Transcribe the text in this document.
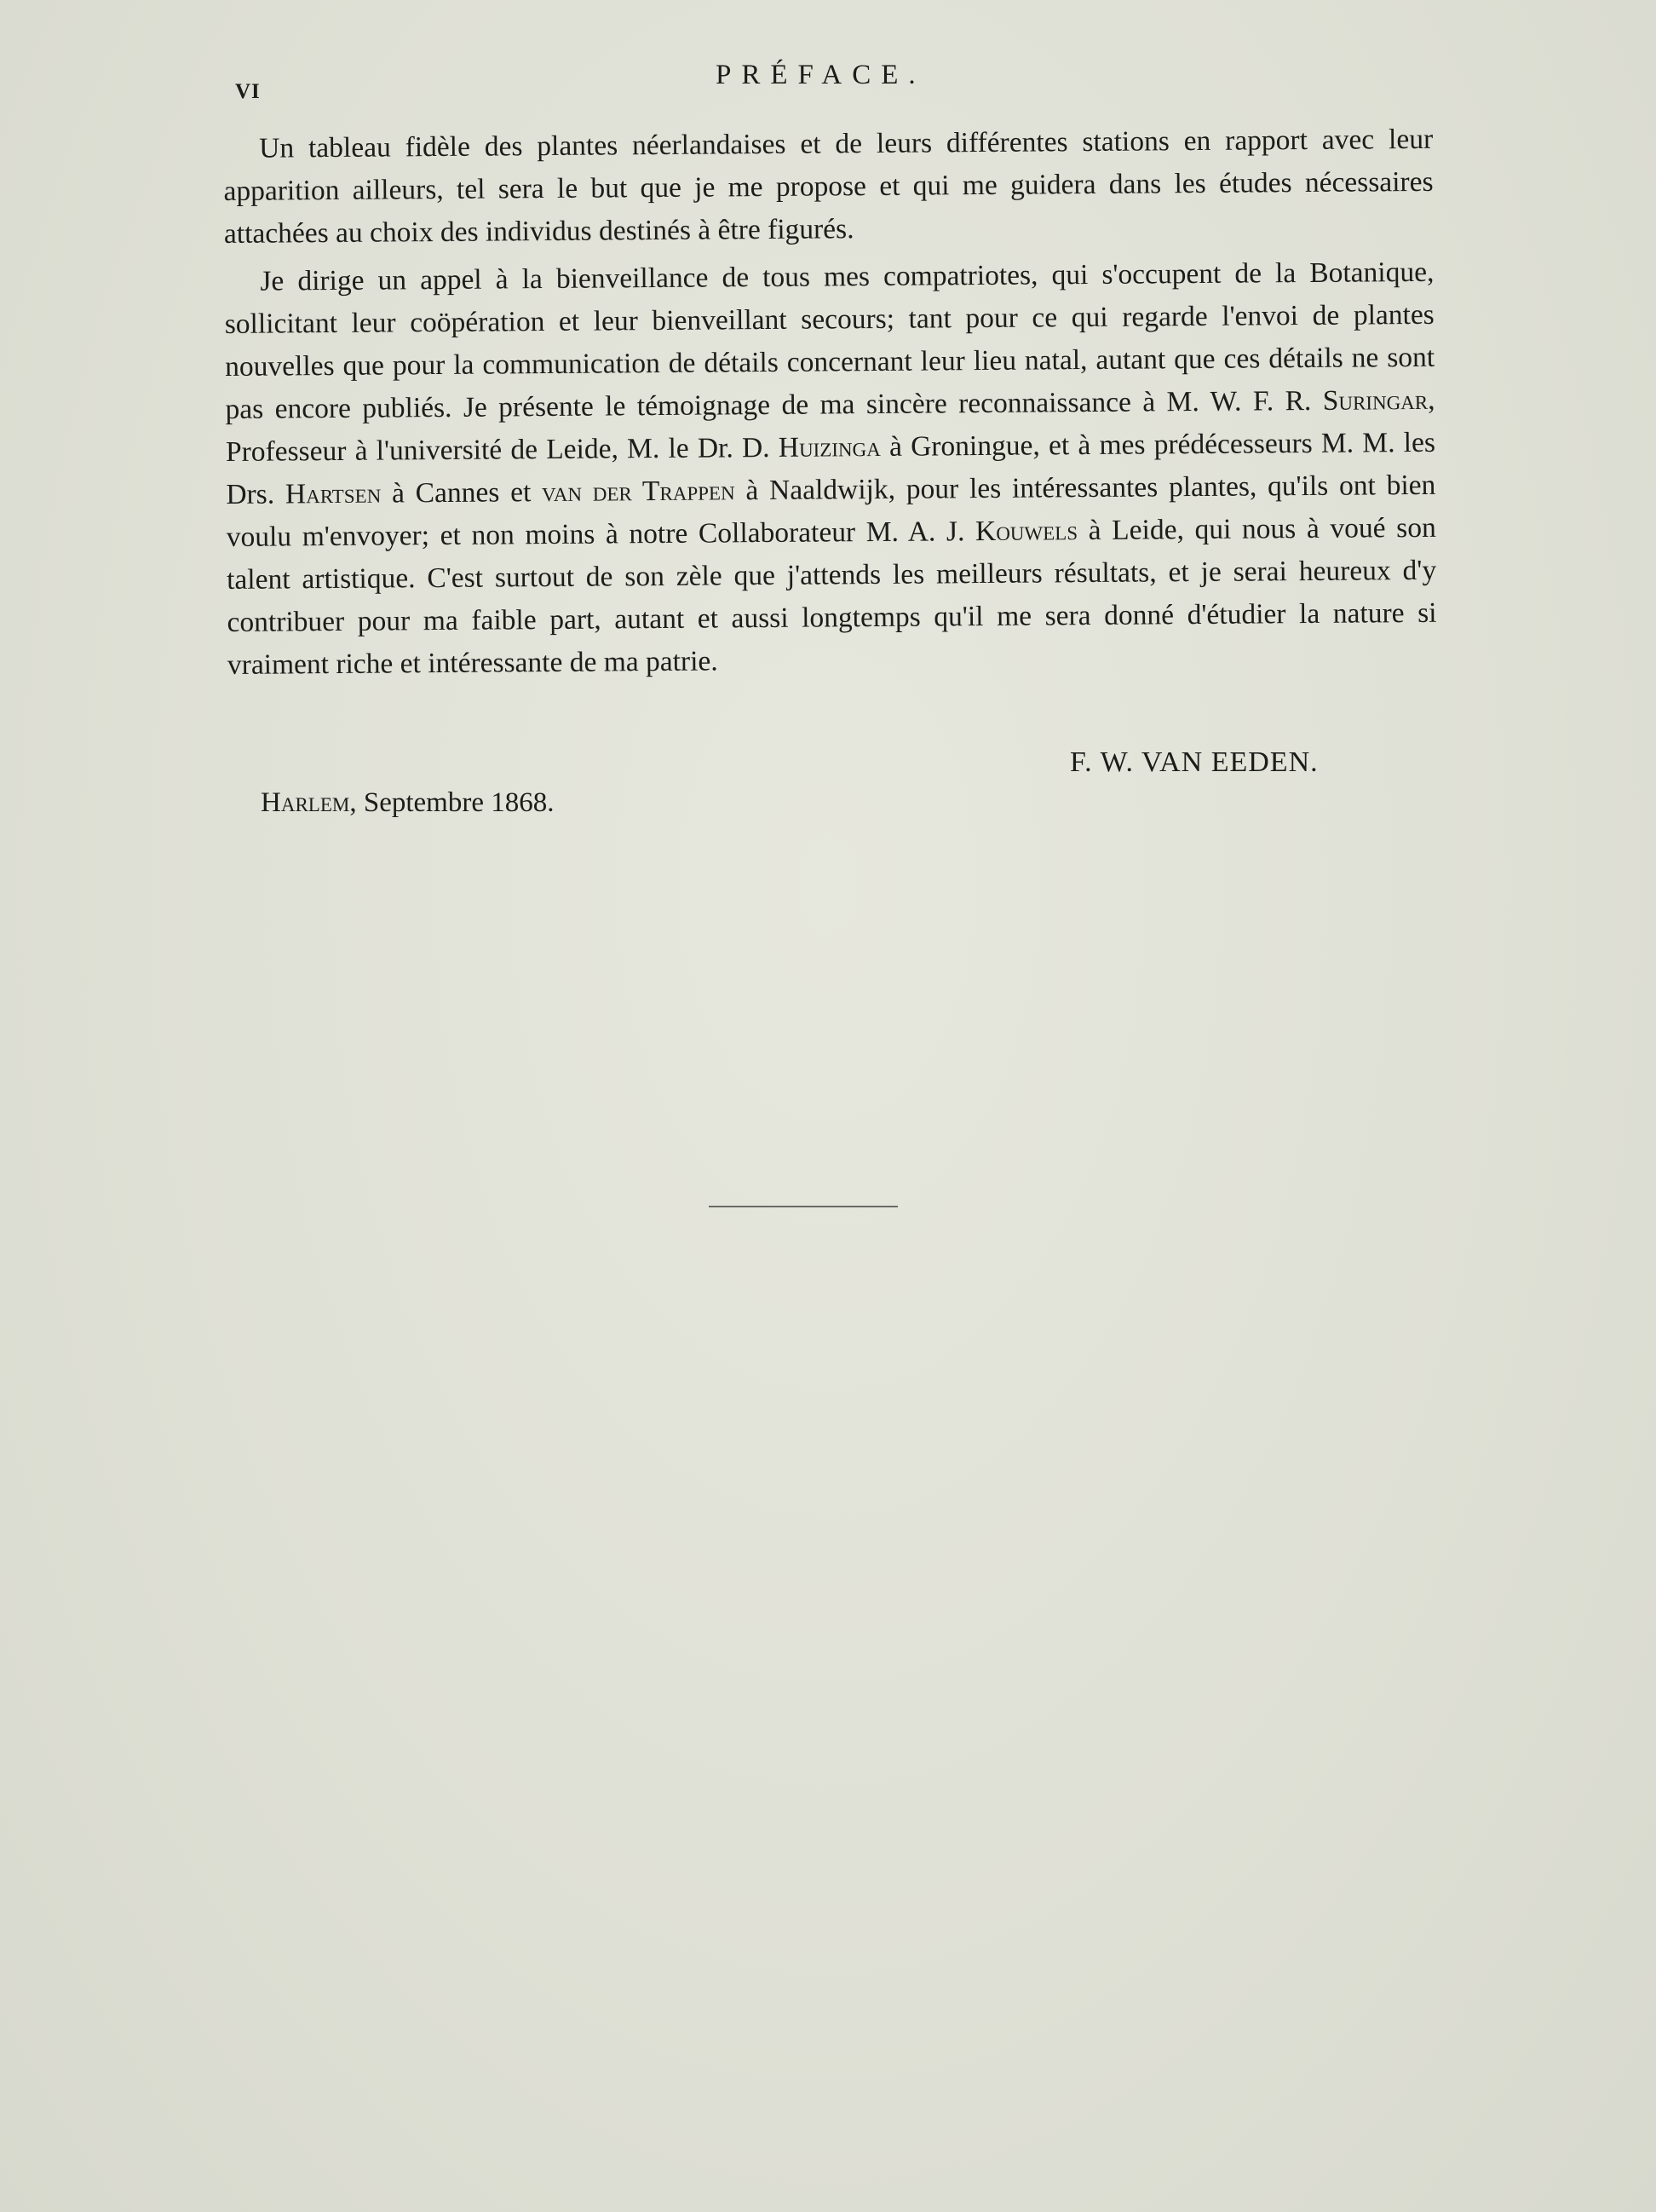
VI
PRÉFACE.

Un tableau fidèle des plantes néerlandaises et de leurs différentes stations en rapport avec leur apparition ailleurs, tel sera le but que je me propose et qui me guidera dans les études nécessaires attachées au choix des individus destinés à être figurés.

Je dirige un appel à la bienveillance de tous mes compatriotes, qui s'occupent de la Botanique, sollicitant leur coöpération et leur bienveillant secours; tant pour ce qui regarde l'envoi de plantes nouvelles que pour la communication de détails concernant leur lieu natal, autant que ces détails ne sont pas encore publiés. Je présente le témoignage de ma sincère reconnaissance à M. W. F. R. Suringar, Professeur à l'université de Leide, M. le Dr. D. Huizinga à Groningue, et à mes prédécesseurs M. M. les Drs. Hartsen à Cannes et van der Trappen à Naaldwijk, pour les intéressantes plantes, qu'ils ont bien voulu m'envoyer; et non moins à notre Collaborateur M. A. J. Kouwels à Leide, qui nous à voué son talent artistique. C'est surtout de son zèle que j'attends les meilleurs résultats, et je serai heureux d'y contribuer pour ma faible part, autant et aussi longtemps qu'il me sera donné d'étudier la nature si vraiment riche et intéressante de ma patrie.

F. W. VAN EEDEN.
Harlem, Septembre 1868.
